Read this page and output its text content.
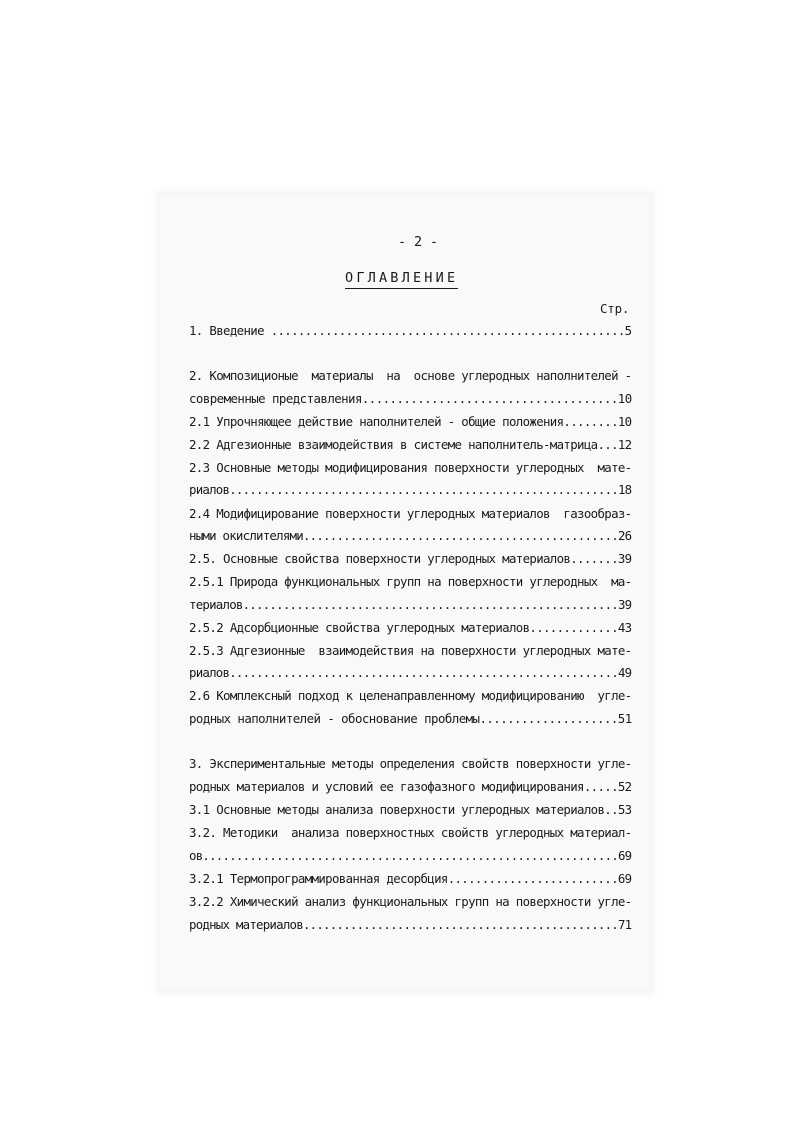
- 2 -
ОГЛАВЛЕНИЕ
Стр.
1. Введение ....................................................5
2. Композиционые  материалы  на  основе углеродных наполнителей -
современные представления.....................................10
2.1 Упрочняющее действие наполнителей - общие положения........10
2.2 Адгезионные взаимодействия в системе наполнитель-матрица...12
2.3 Основные методы модифицирования поверхности углеродных  мате-
риалов..........................................................18
2.4 Модифицирование поверхности углеродных материалов  газообраз-
ными окислителями...............................................26
2.5. Основные свойства поверхности углеродных материалов.......39
2.5.1 Природа функциональных групп на поверхности углеродных  ма-
териалов........................................................39
2.5.2 Адсорбционные свойства углеродных материалов.............43
2.5.3 Адгезионные  взаимодействия на поверхности углеродных мате-
риалов..........................................................49
2.6 Комплексный подход к целенаправленному модифицированию  угле-
родных наполнителей - обоснование проблемы....................51
3. Экспериментальные методы определения свойств поверхности угле-
родных материалов и условий ее газофазного модифицирования.....52
3.1 Основные методы анализа поверхности углеродных материалов..53
3.2. Методики  анализа поверхностных свойств углеродных материал-
ов..............................................................69
3.2.1 Термопрограммированная десорбция.........................69
3.2.2 Химический анализ функциональных групп на поверхности угле-
родных материалов...............................................71
